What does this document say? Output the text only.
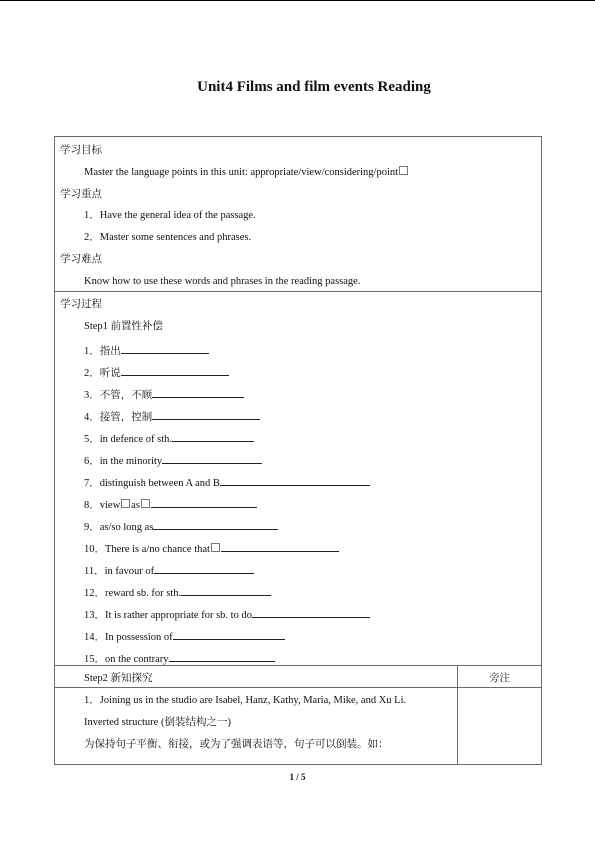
Unit4 Films and film events Reading
学习目标
Master the language points in this unit: appropriate/view/considering/point
学习重点
1．Have the general idea of the passage.
2．Master some sentences and phrases.
学习难点
Know how to use these words and phrases in the reading passage.
学习过程
Step1 前置性补偿
1．指出
2．听说
3．不管，不顾
4．接管，控制
5．in defence of sth.
6．in the minority
7．distinguish between A and B
8．view as
9．as/so long as
10．There is a/no chance that
11．in favour of
12．reward sb. for sth.
13．It is rather appropriate for sb. to do
14．In possession of
15．on the contrary
Step2 新知探究	旁注
1．Joining us in the studio are Isabel, Hanz, Kathy, Maria, Mike, and Xu Li.
Inverted structure (倒装结构之一)
为保持句子平衡、衔接，或为了强调表语等，句子可以倒装。如：
1 / 5
